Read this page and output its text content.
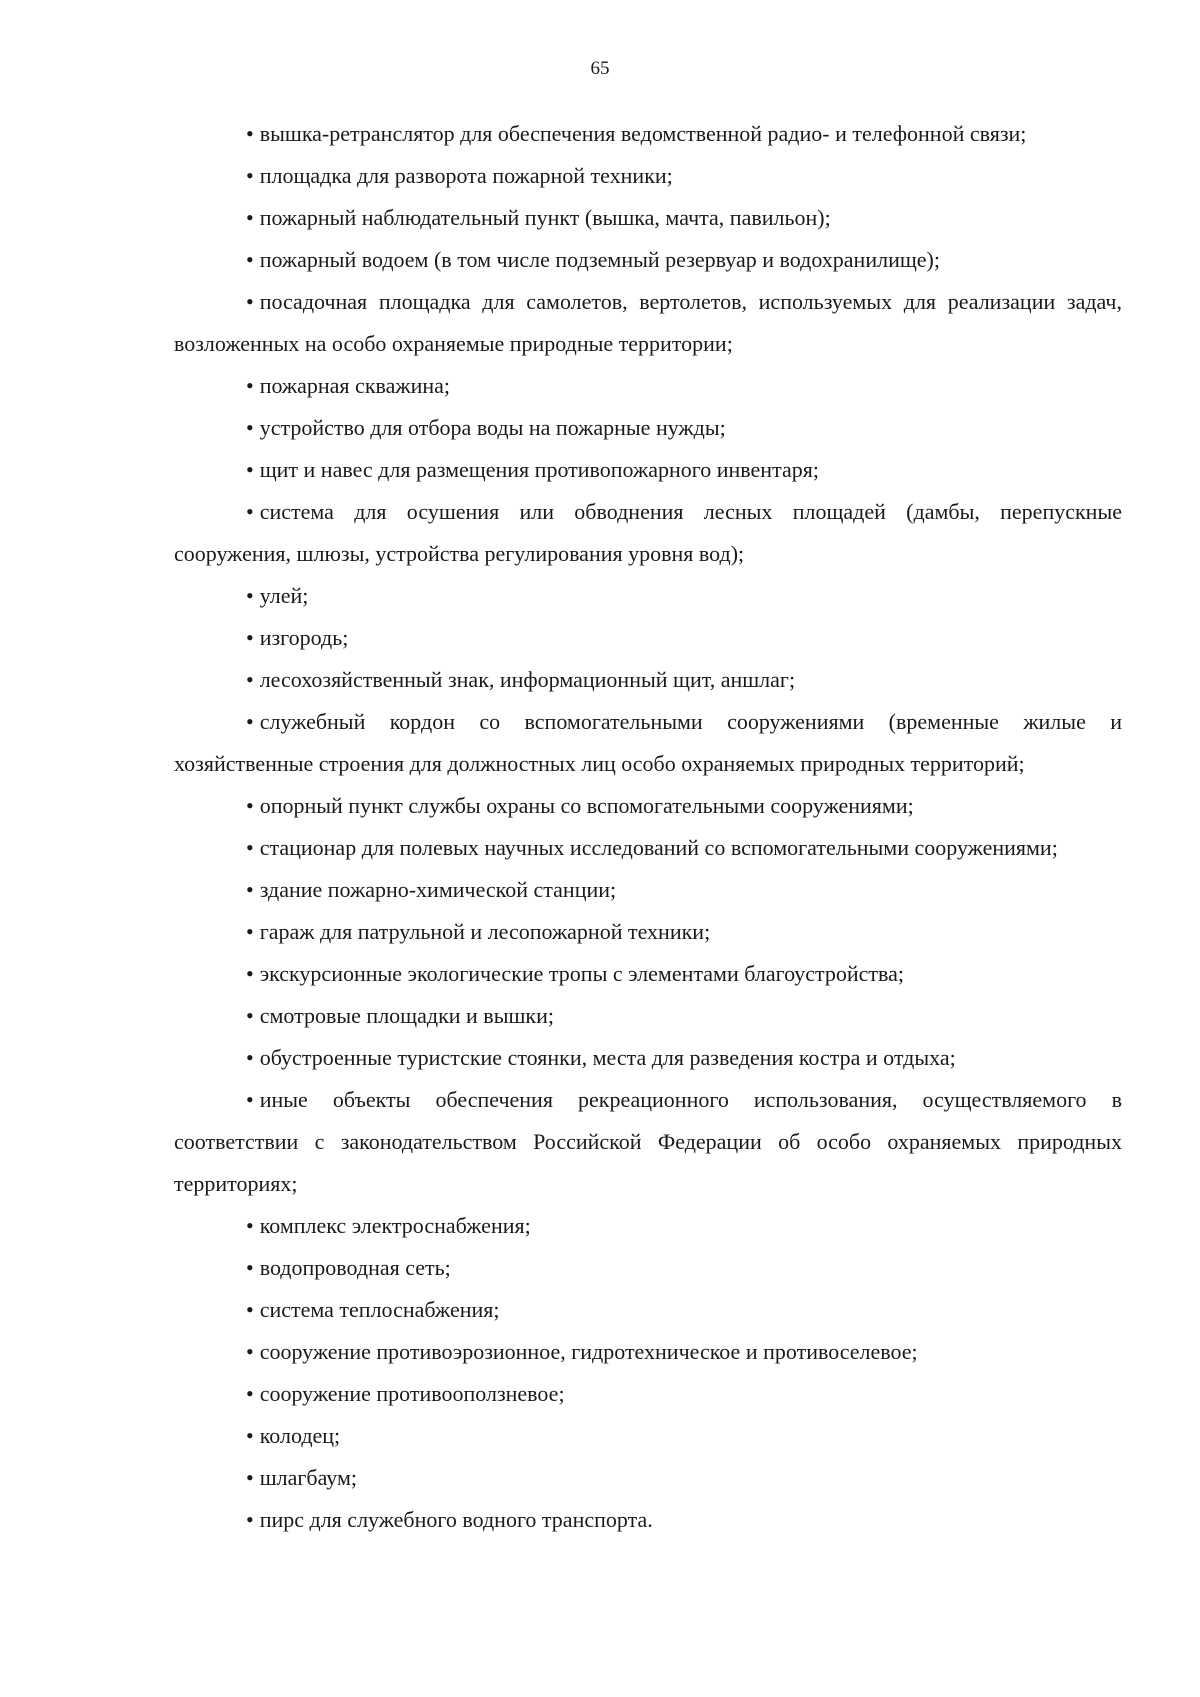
65

• вышка-ретранслятор для обеспечения ведомственной радио- и телефонной связи;

• площадка для разворота пожарной техники;

• пожарный наблюдательный пункт (вышка, мачта, павильон);

• пожарный водоем (в том числе подземный резервуар и водохранилище);

• посадочная площадка для самолетов, вертолетов, используемых для реализации задач, возложенных на особо охраняемые природные территории;

• пожарная скважина;

• устройство для отбора воды на пожарные нужды;

• щит и навес для размещения противопожарного инвентаря;

• система для осушения или обводнения лесных площадей (дамбы, перепускные сооружения, шлюзы, устройства регулирования уровня вод);

• улей;

• изгородь;

• лесохозяйственный знак, информационный щит, аншлаг;

• служебный кордон со вспомогательными сооружениями (временные жилые и хозяйственные строения для должностных лиц особо охраняемых природных территорий;

• опорный пункт службы охраны со вспомогательными сооружениями;

• стационар для полевых научных исследований со вспомогательными сооружениями;

• здание пожарно-химической станции;

• гараж для патрульной и лесопожарной техники;

• экскурсионные экологические тропы с элементами благоустройства;

• смотровые площадки и вышки;

• обустроенные туристские стоянки, места для разведения костра и отдыха;

• иные объекты обеспечения рекреационного использования, осуществляемого в соответствии с законодательством Российской Федерации об особо охраняемых природных территориях;

• комплекс электроснабжения;

• водопроводная сеть;

• система теплоснабжения;

• сооружение противоэрозионное, гидротехническое и противоселевое;

• сооружение противооползневое;

• колодец;

• шлагбаум;

• пирс для служебного водного транспорта.
